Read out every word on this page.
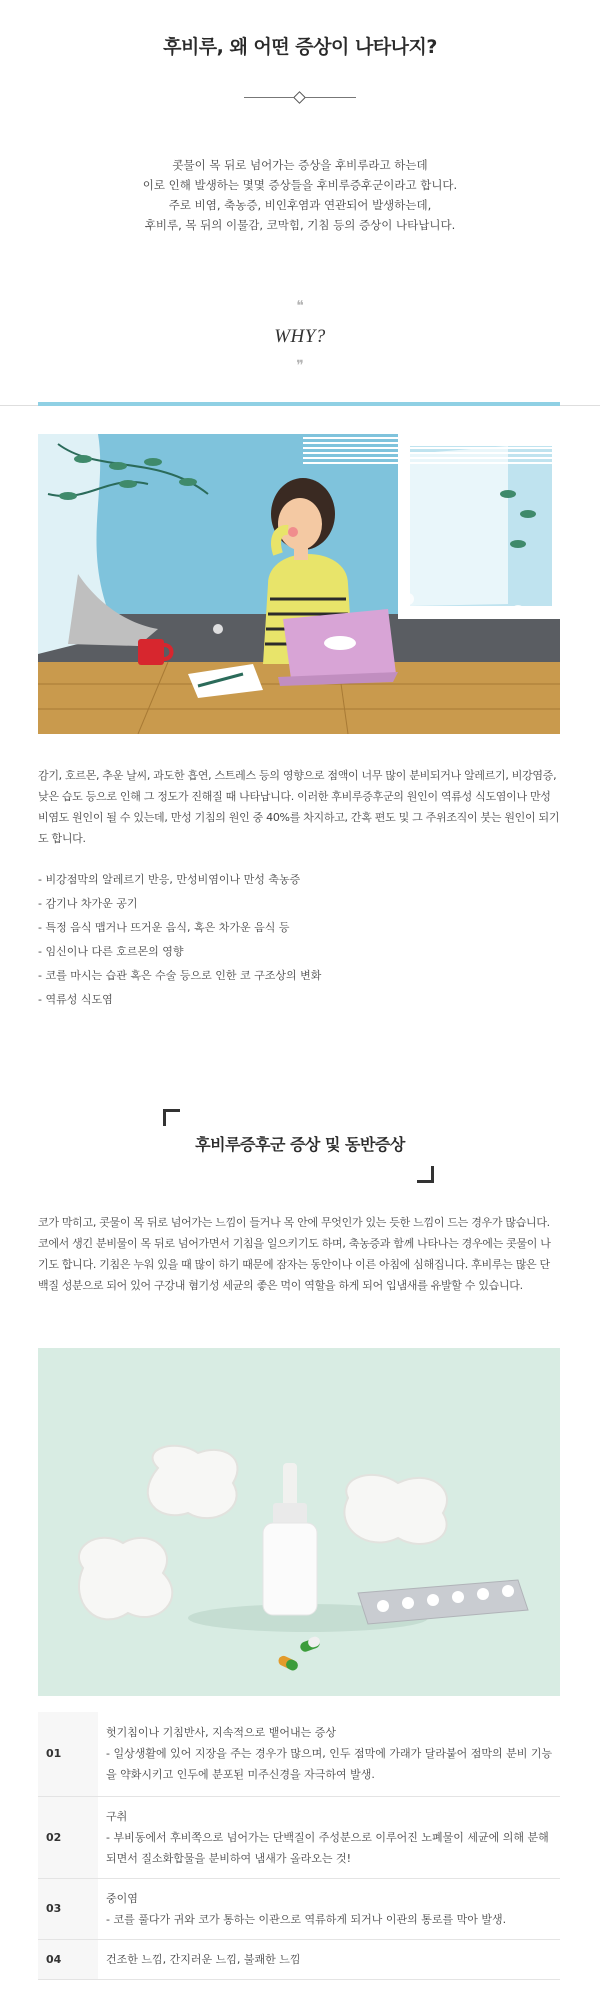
후비루, 왜 어떤 증상이 나타나지?
콧물이 목 뒤로 넘어가는 증상을 후비루라고 하는데
이로 인해 발생하는 몇몇 증상들을 후비루증후군이라고 합니다.
주로 비염, 축농증, 비인후염과 연관되어 발생하는데,
후비루, 목 뒤의 이물감, 코막힘, 기침 등의 증상이 나타납니다.
❝
WHY?
❞
감기, 호르몬, 추운 날씨, 과도한 흡연, 스트레스 등의 영향으로 점액이 너무 많이 분비되거나 알레르기, 비강염증, 낮은 습도 등으로 인해 그 정도가 진해질 때 나타납니다. 이러한 후비루증후군의 원인이 역류성 식도염이나 만성 비염도 원인이 될 수 있는데, 만성 기침의 원인 중 40%를 차지하고, 간혹 편도 및 그 주위조직이 붓는 원인이 되기도 합니다.
- 비강점막의 알레르기 반응, 만성비염이나 만성 축농증
- 감기나 차가운 공기
- 특정 음식 맵거나 뜨거운 음식, 혹은 차가운 음식 등
- 임신이나 다른 호르몬의 영향
- 코를 마시는 습관 혹은 수술 등으로 인한 코 구조상의 변화
- 역류성 식도염
후비루증후군 증상 및 동반증상
코가 막히고, 콧물이 목 뒤로 넘어가는 느낌이 들거나 목 안에 무엇인가 있는 듯한 느낌이 드는 경우가 많습니다. 코에서 생긴 분비물이 목 뒤로 넘어가면서 기침을 일으키기도 하며, 축농증과 함께 나타나는 경우에는 콧물이 나기도 합니다. 기침은 누워 있을 때 많이 하기 때문에 잠자는 동안이나 이른 아침에 심해집니다. 후비루는 많은 단백질 성분으로 되어 있어 구강내 혐기성 세균의 좋은 먹이 역할을 하게 되어 입냄새를 유발할 수 있습니다.
01	헛기침이나 기침반사, 지속적으로 뱉어내는 증상
- 일상생활에 있어 지장을 주는 경우가 많으며, 인두 점막에 가래가 달라붙어 점막의 분비 기능을 약화시키고 인두에 분포된 미주신경을 자극하여 발생.

02	구취
- 부비동에서 후비쪽으로 넘어가는 단백질이 주성분으로 이루어진 노폐물이 세균에 의해 분해 되면서 질소화합물을 분비하여 냄새가 올라오는 것!

03	중이염
- 코를 풀다가 귀와 코가 통하는 이관으로 역류하게 되거나 이관의 통로를 막아 발생.

04	건조한 느낌, 간지러운 느낌, 불쾌한 느낌
